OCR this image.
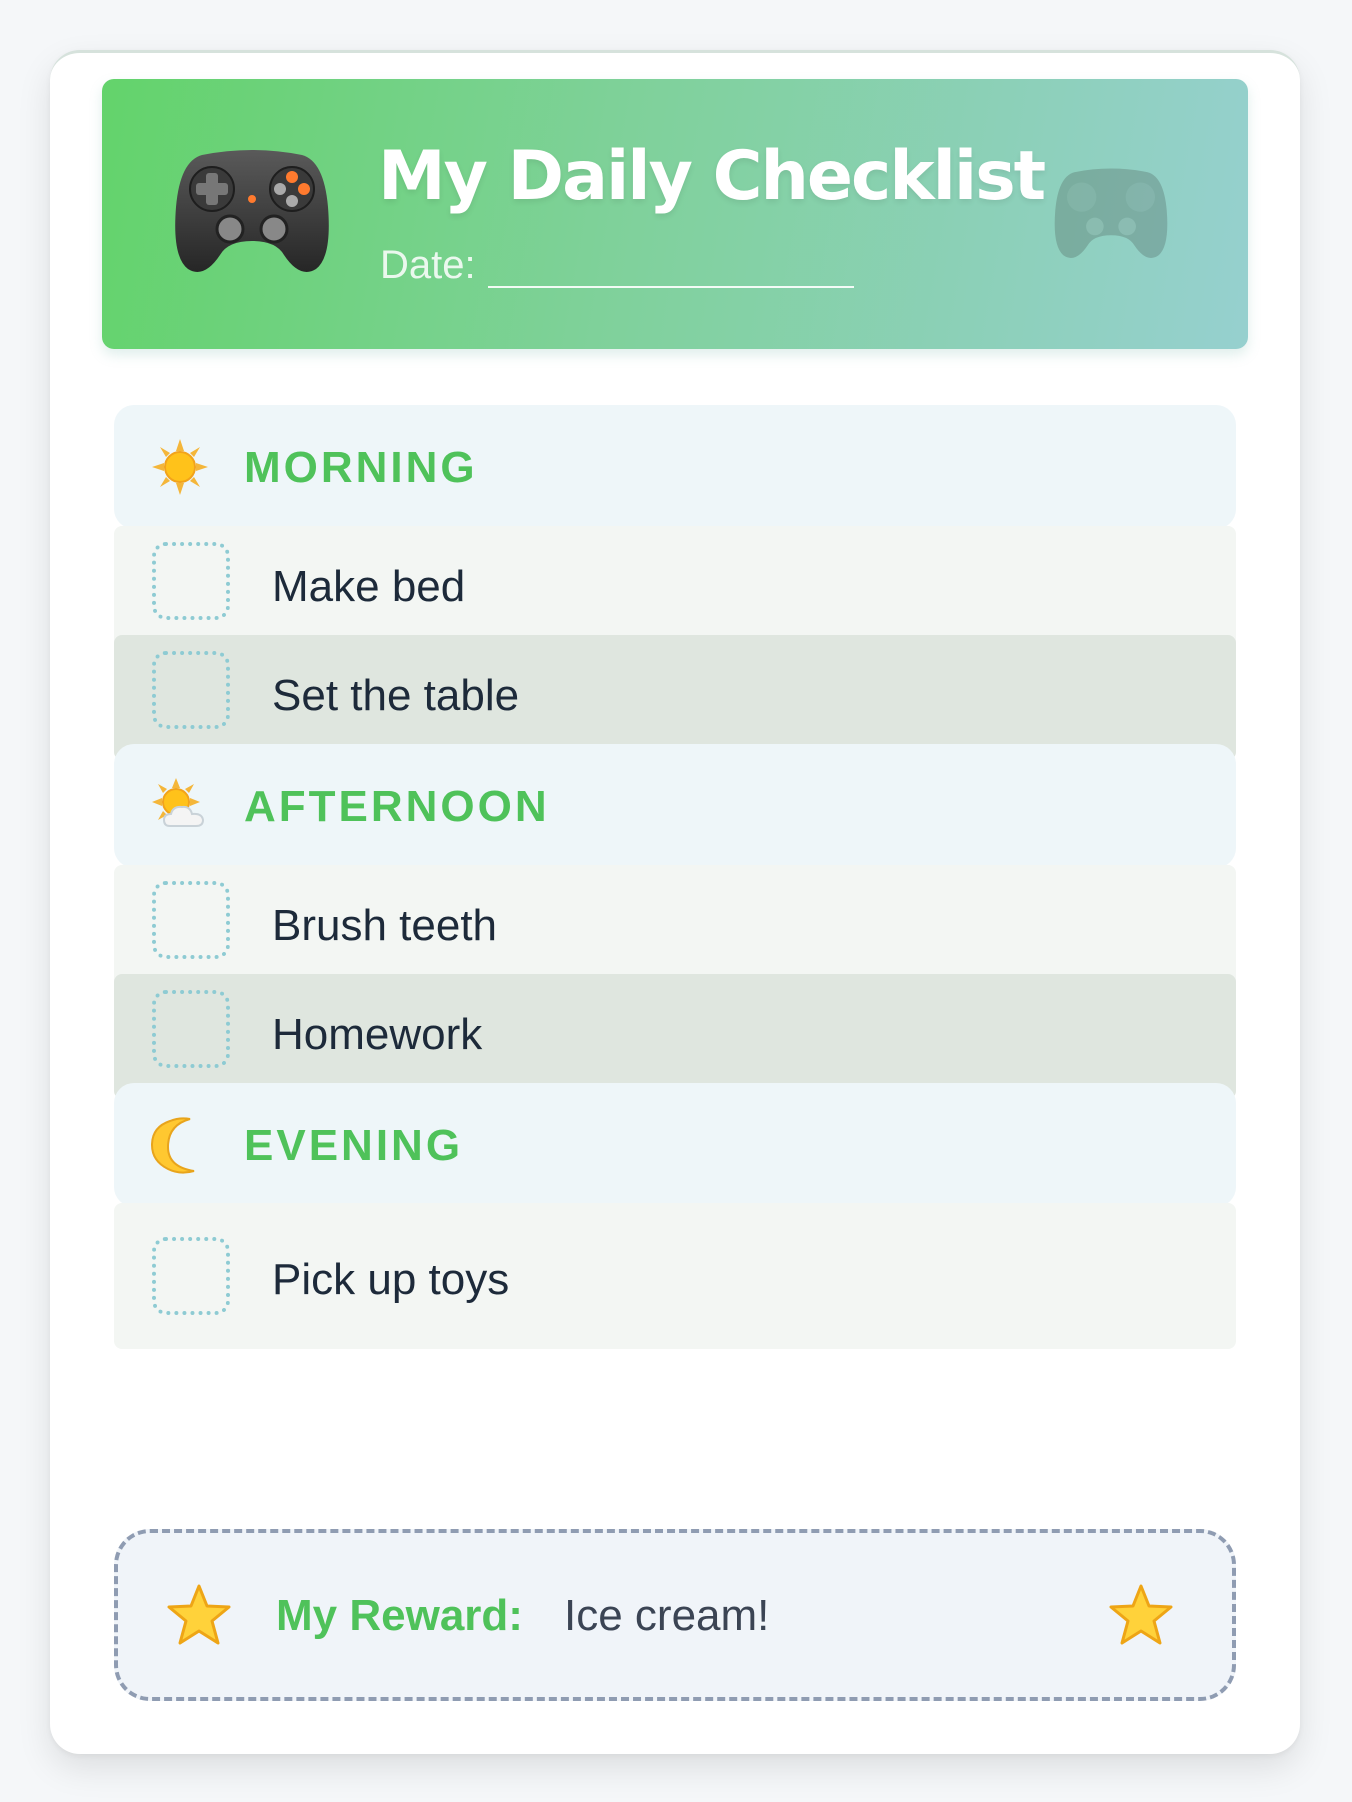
My Daily Checklist
Date:
MORNING
Make bed
Set the table
AFTERNOON
Brush teeth
Homework
EVENING
Pick up toys
My Reward: Ice cream!
